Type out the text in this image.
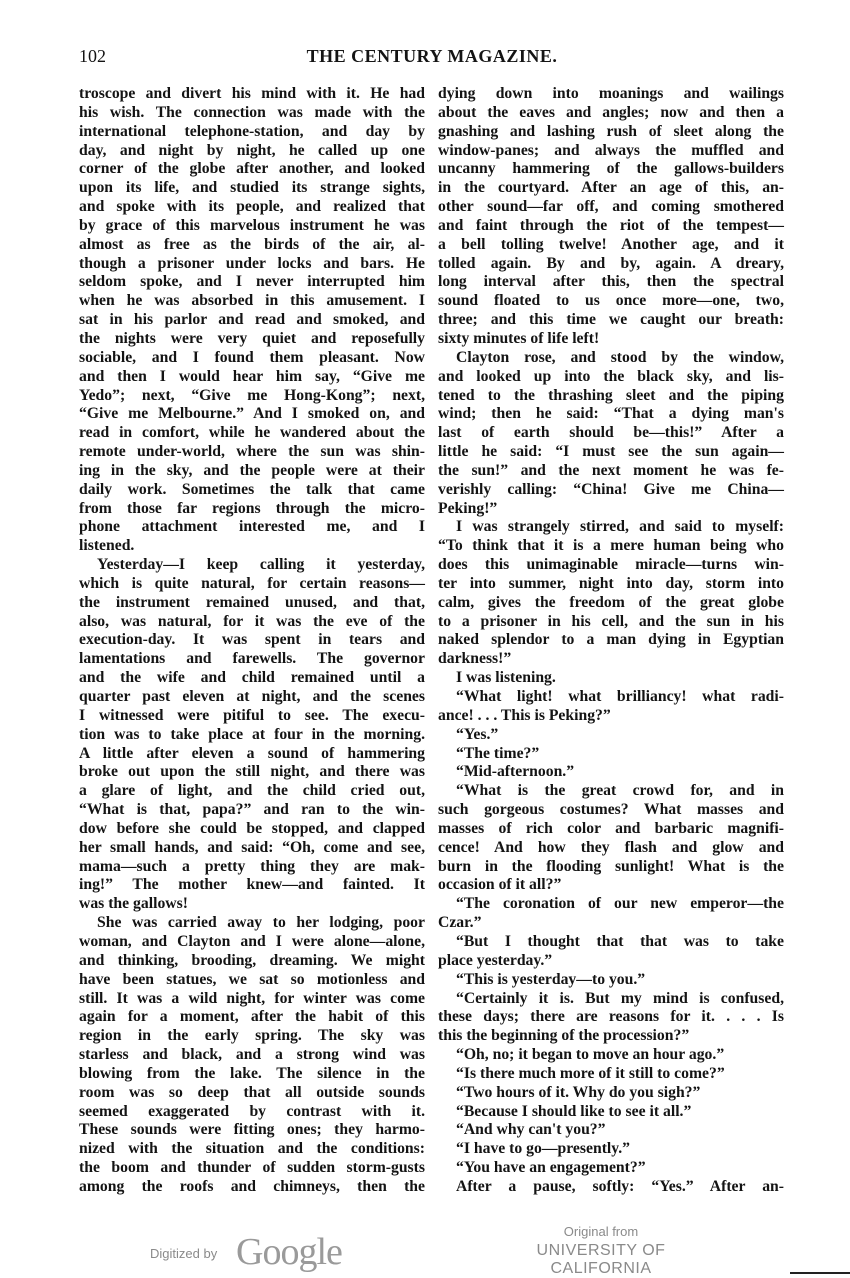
102	THE CENTURY MAGAZINE.
troscope and divert his mind with it. He had
his wish. The connection was made with the
international telephone-station, and day by
day, and night by night, he called up one
corner of the globe after another, and looked
upon its life, and studied its strange sights,
and spoke with its people, and realized that
by grace of this marvelous instrument he was
almost as free as the birds of the air, al-
though a prisoner under locks and bars. He
seldom spoke, and I never interrupted him
when he was absorbed in this amusement. I
sat in his parlor and read and smoked, and
the nights were very quiet and reposefully
sociable, and I found them pleasant. Now
and then I would hear him say, “Give me
Yedo”; next, “Give me Hong-Kong”; next,
“Give me Melbourne.” And I smoked on, and
read in comfort, while he wandered about the
remote under-world, where the sun was shin-
ing in the sky, and the people were at their
daily work. Sometimes the talk that came
from those far regions through the micro-
phone attachment interested me, and I
listened.
Yesterday—I keep calling it yesterday,
which is quite natural, for certain reasons—
the instrument remained unused, and that,
also, was natural, for it was the eve of the
execution-day. It was spent in tears and
lamentations and farewells. The governor
and the wife and child remained until a
quarter past eleven at night, and the scenes
I witnessed were pitiful to see. The execu-
tion was to take place at four in the morning.
A little after eleven a sound of hammering
broke out upon the still night, and there was
a glare of light, and the child cried out,
“What is that, papa?” and ran to the win-
dow before she could be stopped, and clapped
her small hands, and said: “Oh, come and see,
mama—such a pretty thing they are mak-
ing!” The mother knew—and fainted. It
was the gallows!
She was carried away to her lodging, poor
woman, and Clayton and I were alone—alone,
and thinking, brooding, dreaming. We might
have been statues, we sat so motionless and
still. It was a wild night, for winter was come
again for a moment, after the habit of this
region in the early spring. The sky was
starless and black, and a strong wind was
blowing from the lake. The silence in the
room was so deep that all outside sounds
seemed exaggerated by contrast with it.
These sounds were fitting ones; they harmo-
nized with the situation and the conditions:
the boom and thunder of sudden storm-gusts
among the roofs and chimneys, then the
dying down into moanings and wailings
about the eaves and angles; now and then a
gnashing and lashing rush of sleet along the
window-panes; and always the muffled and
uncanny hammering of the gallows-builders
in the courtyard. After an age of this, an-
other sound—far off, and coming smothered
and faint through the riot of the tempest—
a bell tolling twelve! Another age, and it
tolled again. By and by, again. A dreary,
long interval after this, then the spectral
sound floated to us once more—one, two,
three; and this time we caught our breath:
sixty minutes of life left!
Clayton rose, and stood by the window,
and looked up into the black sky, and lis-
tened to the thrashing sleet and the piping
wind; then he said: “That a dying man's
last of earth should be—this!” After a
little he said: “I must see the sun again—
the sun!” and the next moment he was fe-
verishly calling: “China! Give me China—
Peking!”
I was strangely stirred, and said to myself:
“To think that it is a mere human being who
does this unimaginable miracle—turns win-
ter into summer, night into day, storm into
calm, gives the freedom of the great globe
to a prisoner in his cell, and the sun in his
naked splendor to a man dying in Egyptian
darkness!”
I was listening.
“What light! what brilliancy! what radi-
ance! . . . This is Peking?”
“Yes.”
“The time?”
“Mid-afternoon.”
“What is the great crowd for, and in
such gorgeous costumes? What masses and
masses of rich color and barbaric magnifi-
cence! And how they flash and glow and
burn in the flooding sunlight! What is the
occasion of it all?”
“The coronation of our new emperor—the
Czar.”
“But I thought that that was to take
place yesterday.”
“This is yesterday—to you.”
“Certainly it is. But my mind is confused,
these days; there are reasons for it. . . . Is
this the beginning of the procession?”
“Oh, no; it began to move an hour ago.”
“Is there much more of it still to come?”
“Two hours of it. Why do you sigh?”
“Because I should like to see it all.”
“And why can't you?”
“I have to go—presently.”
“You have an engagement?”
After a pause, softly: “Yes.” After an-
Digitized by Google	Original from
UNIVERSITY OF CALIFORNIA
